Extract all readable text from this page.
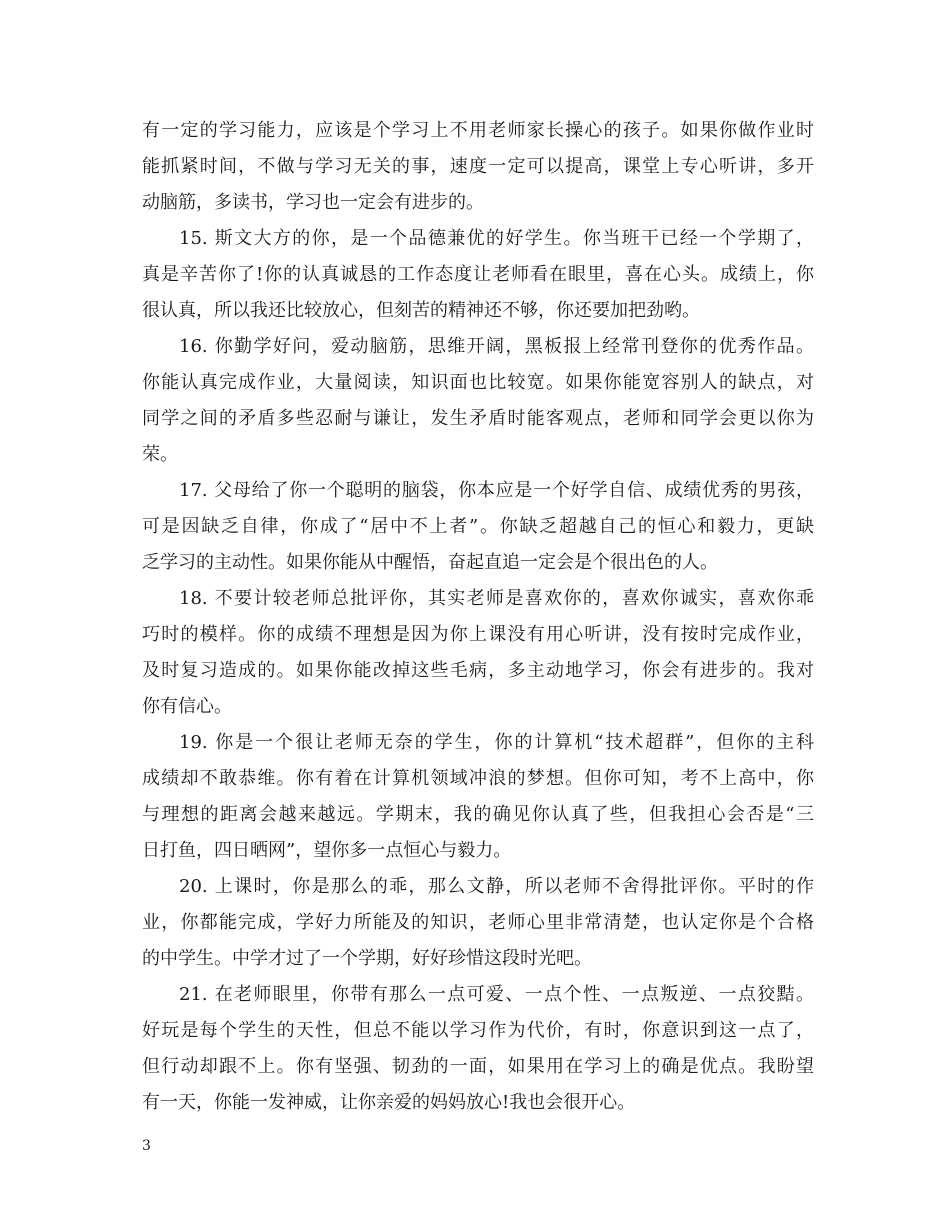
有一定的学习能力，应该是个学习上不用老师家长操心的孩子。如果你做作业时
能抓紧时间，不做与学习无关的事，速度一定可以提高，课堂上专心听讲，多开
动脑筋，多读书，学习也一定会有进步的。

15. 斯文大方的你，是一个品德兼优的好学生。你当班干已经一个学期了，
真是辛苦你了!你的认真诚恳的工作态度让老师看在眼里，喜在心头。成绩上，你
很认真，所以我还比较放心，但刻苦的精神还不够，你还要加把劲哟。

16. 你勤学好问，爱动脑筋，思维开阔，黑板报上经常刊登你的优秀作品。
你能认真完成作业，大量阅读，知识面也比较宽。如果你能宽容别人的缺点，对
同学之间的矛盾多些忍耐与谦让，发生矛盾时能客观点，老师和同学会更以你为
荣。

17. 父母给了你一个聪明的脑袋，你本应是一个好学自信、成绩优秀的男孩，
可是因缺乏自律，你成了“居中不上者”。你缺乏超越自己的恒心和毅力，更缺
乏学习的主动性。如果你能从中醒悟，奋起直追一定会是个很出色的人。

18. 不要计较老师总批评你，其实老师是喜欢你的，喜欢你诚实，喜欢你乖
巧时的模样。你的成绩不理想是因为你上课没有用心听讲，没有按时完成作业，
及时复习造成的。如果你能改掉这些毛病，多主动地学习，你会有进步的。我对
你有信心。

19. 你是一个很让老师无奈的学生，你的计算机“技术超群”，但你的主科
成绩却不敢恭维。你有着在计算机领域冲浪的梦想。但你可知，考不上高中，你
与理想的距离会越来越远。学期末，我的确见你认真了些，但我担心会否是“三
日打鱼，四日晒网”，望你多一点恒心与毅力。

20. 上课时，你是那么的乖，那么文静，所以老师不舍得批评你。平时的作
业，你都能完成，学好力所能及的知识，老师心里非常清楚，也认定你是个合格
的中学生。中学才过了一个学期，好好珍惜这段时光吧。

21. 在老师眼里，你带有那么一点可爱、一点个性、一点叛逆、一点狡黠。
好玩是每个学生的天性，但总不能以学习作为代价，有时，你意识到这一点了，
但行动却跟不上。你有坚强、韧劲的一面，如果用在学习上的确是优点。我盼望
有一天，你能一发神威，让你亲爱的妈妈放心!我也会很开心。

3
